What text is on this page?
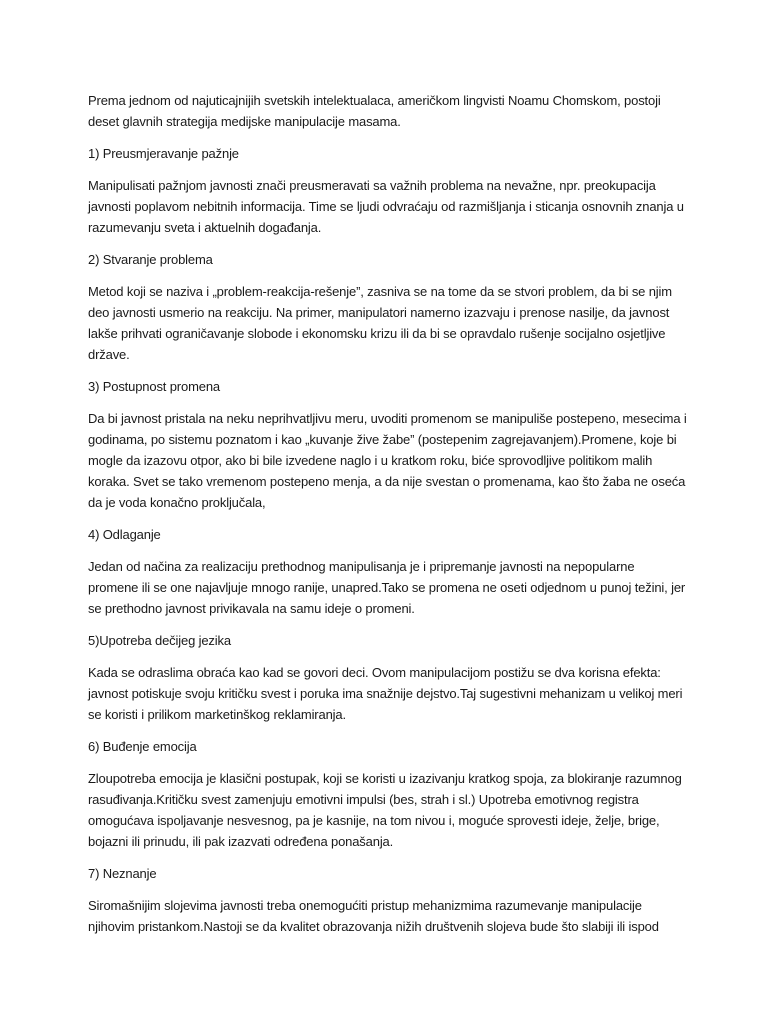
Prema jednom od najuticajnijih svetskih intelektualaca, američkom lingvisti Noamu Chomskom, postoji deset glavnih strategija medijske manipulacije masama.

1) Preusmjeravanje pažnje

Manipulisati pažnjom javnosti znači preusmeravati sa važnih problema na nevažne, npr. preokupacija javnosti poplavom nebitnih informacija. Time se ljudi odvraćaju od razmišljanja i sticanja osnovnih znanja u razumevanju sveta i aktuelnih događanja.

2) Stvaranje problema

Metod koji se naziva i „problem-reakcija-rešenje”, zasniva se na tome da se stvori problem, da bi se njim deo javnosti usmerio na reakciju. Na primer, manipulatori namerno izazvaju i prenose nasilje, da javnost lakše prihvati ograničavanje slobode i ekonomsku krizu ili da bi se opravdalo rušenje socijalno osjetljive države.

3) Postupnost promena

Da bi javnost pristala na neku neprihvatljivu meru, uvoditi promenom se manipuliše postepeno, mesecima i godinama, po sistemu poznatom i kao „kuvanje žive žabe” (postepenim zagrejavanjem).Promene, koje bi mogle da izazovu otpor, ako bi bile izvedene naglo i u kratkom roku, biće sprovodljive politikom malih koraka. Svet se tako vremenom postepeno menja, a da nije svestan o promenama, kao što žaba ne oseća da je voda konačno proključala,

4) Odlaganje

Jedan od načina za realizaciju prethodnog manipulisanja je i pripremanje javnosti na nepopularne promene ili se one najavljuje mnogo ranije, unapred.Tako se promena ne oseti odjednom u punoj težini, jer se prethodno javnost privikavala na samu ideje o promeni.

5)Upotreba dečijeg jezika

Kada se odraslima obraća kao kad se govori deci. Ovom manipulacijom postižu se dva korisna efekta: javnost potiskuje svoju kritičku svest i poruka ima snažnije dejstvo.Taj sugestivni mehanizam u velikoj meri se koristi i prilikom marketinškog reklamiranja.

6) Buđenje emocija

Zloupotreba emocija je klasični postupak, koji se koristi u izazivanju kratkog spoja, za blokiranje razumnog rasuđivanja.Kritičku svest zamenjuju emotivni impulsi (bes, strah i sl.) Upotreba emotivnog registra omogućava ispoljavanje nesvesnog, pa je kasnije, na tom nivou i, moguće sprovesti ideje, želje, brige, bojazni ili prinudu, ili pak izazvati određena ponašanja.

7) Neznanje

Siromašnijim slojevima javnosti treba onemogućiti pristup mehanizmima razumevanje manipulacije njihovim pristankom.Nastoji se da kvalitet obrazovanja nižih društvenih slojeva bude što slabiji ili ispod
